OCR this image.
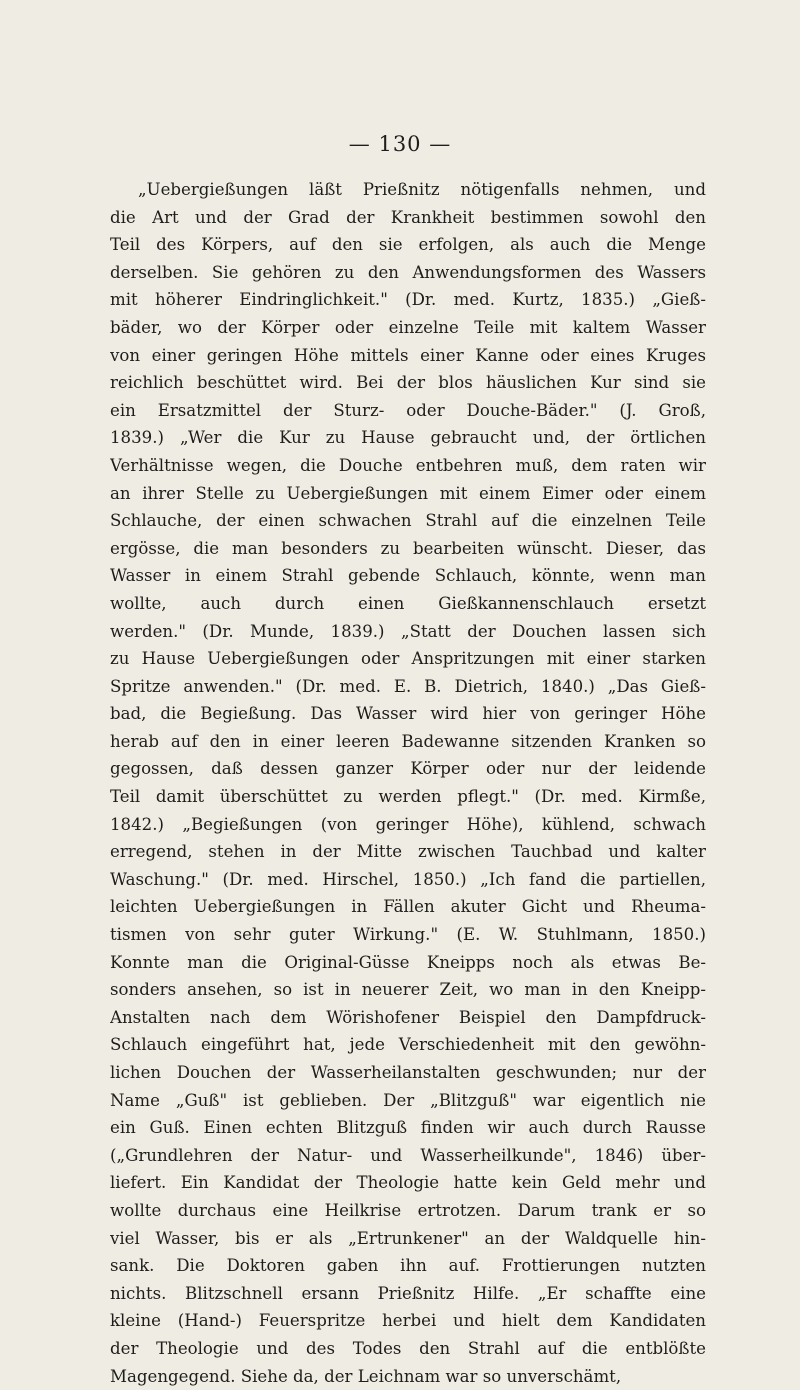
— 130 —
„Uebergießungen läßt Prießnitz nötigenfalls nehmen, und
die Art und der Grad der Krankheit bestimmen sowohl den
Teil des Körpers, auf den sie erfolgen, als auch die Menge
derselben. Sie gehören zu den Anwendungsformen des Wassers
mit höherer Eindringlichkeit." (Dr. med. Kurtz, 1835.) „Gieß-
bäder, wo der Körper oder einzelne Teile mit kaltem Wasser
von einer geringen Höhe mittels einer Kanne oder eines Kruges
reichlich beschüttet wird. Bei der blos häuslichen Kur sind sie
ein Ersatzmittel der Sturz- oder Douche-Bäder." (J. Groß,
1839.) „Wer die Kur zu Hause gebraucht und, der örtlichen
Verhältnisse wegen, die Douche entbehren muß, dem raten wir
an ihrer Stelle zu Uebergießungen mit einem Eimer oder einem
Schlauche, der einen schwachen Strahl auf die einzelnen Teile
ergösse, die man besonders zu bearbeiten wünscht. Dieser, das
Wasser in einem Strahl gebende Schlauch, könnte, wenn man
wollte, auch durch einen Gießkannenschlauch ersetzt
werden." (Dr. Munde, 1839.) „Statt der Douchen lassen sich
zu Hause Uebergießungen oder Anspritzungen mit einer starken
Spritze anwenden." (Dr. med. E. B. Dietrich, 1840.) „Das Gieß-
bad, die Begießung. Das Wasser wird hier von geringer Höhe
herab auf den in einer leeren Badewanne sitzenden Kranken so
gegossen, daß dessen ganzer Körper oder nur der leidende
Teil damit überschüttet zu werden pflegt." (Dr. med. Kirmße,
1842.) „Begießungen (von geringer Höhe), kühlend, schwach
erregend, stehen in der Mitte zwischen Tauchbad und kalter
Waschung." (Dr. med. Hirschel, 1850.) „Ich fand die partiellen,
leichten Uebergießungen in Fällen akuter Gicht und Rheuma-
tismen von sehr guter Wirkung." (E. W. Stuhlmann, 1850.)
Konnte man die Original-Güsse Kneipps noch als etwas Be-
sonders ansehen, so ist in neuerer Zeit, wo man in den Kneipp-
Anstalten nach dem Wörishofener Beispiel den Dampfdruck-
Schlauch eingeführt hat, jede Verschiedenheit mit den gewöhn-
lichen Douchen der Wasserheilanstalten geschwunden; nur der
Name „Guß" ist geblieben. Der „Blitzguß" war eigentlich nie
ein Guß. Einen echten Blitzguß finden wir auch durch Rausse
(„Grundlehren der Natur- und Wasserheilkunde", 1846) über-
liefert. Ein Kandidat der Theologie hatte kein Geld mehr und
wollte durchaus eine Heilkrise ertrotzen. Darum trank er so
viel Wasser, bis er als „Ertrunkener" an der Waldquelle hin-
sank. Die Doktoren gaben ihn auf. Frottierungen nutzten
nichts. Blitzschnell ersann Prießnitz Hilfe. „Er schaffte eine
kleine (Hand-) Feuerspritze herbei und hielt dem Kandidaten
der Theologie und des Todes den Strahl auf die entblößte
Magengegend. Siehe da, der Leichnam war so unverschämt,
